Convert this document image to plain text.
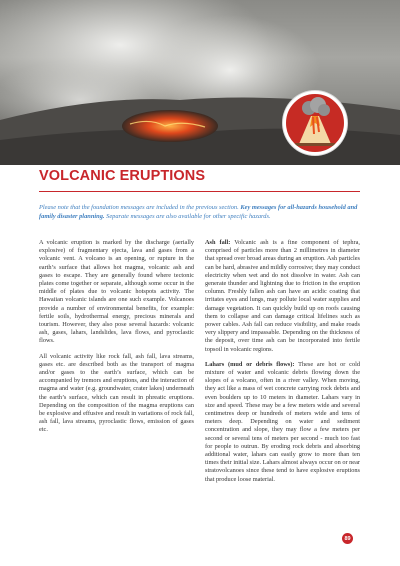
VOLCANIC ERUPTIONS

Please note that the foundation messages are included in the previous section. Key messages for all-hazards household and family disaster planning. Separate messages are also available for other specific hazards.

A volcanic eruption is marked by the discharge (aerially explosive) of fragmentary ejecta, lava and gases from a volcanic vent. A volcano is an opening, or rupture in the earth’s surface that allows hot magma, volcanic ash and gases to escape. They are generally found where tectonic plates come together or separate, although some occur in the middle of plates due to volcanic hotspots activity. The Hawaiian volcanic islands are one such example. Volcanoes provide a number of environmental benefits, for example: fertile soils, hydrothermal energy, precious minerals and tourism. However, they also pose several hazards: volcanic ash, gases, lahars, landslides, lava flows, and pyroclastic flows.

All volcanic activity like rock fall, ash fall, lava streams, gases etc. are described both as the transport of magma and/or gases to the earth’s surface, which can be accompanied by tremors and eruptions, and the interaction of magma and water (e.g. groundwater, crater lakes) underneath the earth’s surface, which can result in phreatic eruptions. Depending on the composition of the magma eruptions can be explosive and effusive and result in variations of rock fall, ash fall, lava streams, pyroclastic flows, emission of gases etc.

Ash fall: Volcanic ash is a fine component of tephra, comprised of particles more than 2 millimetres in diameter that spread over broad areas during an eruption. Ash particles can be hard, abrasive and mildly corrosive; they may conduct electricity when wet and do not dissolve in water. Ash can generate thunder and lightning due to friction in the eruption column. Freshly fallen ash can have an acidic coating that irritates eyes and lungs, may pollute local water supplies and damage vegetation. It can quickly build up on roofs causing them to collapse and can damage critical lifelines such as power cables. Ash fall can reduce visibility, and make roads very slippery and impassable. Depending on the thickness of the deposit, over time ash can be incorporated into fertile topsoil in volcanic regions.

Lahars (mud or debris flows): These are hot or cold mixture of water and volcanic debris flowing down the slopes of a volcano, often in a river valley. When moving, they act like a mass of wet concrete carrying rock debris and even boulders up to 10 meters in diameter. Lahars vary in size and speed. These may be a few meters wide and several centimetres deep or hundreds of meters wide and tens of meters deep. Depending on water and sediment concentration and slope, they may flow a few meters per second or several tens of meters per second - much too fast for people to outrun. By eroding rock debris and absorbing additional water, lahars can easily grow to more than ten times their initial size. Lahars almost always occur on or near stratovolcanoes since these tend to have explosive eruptions that produce loose material.

89
